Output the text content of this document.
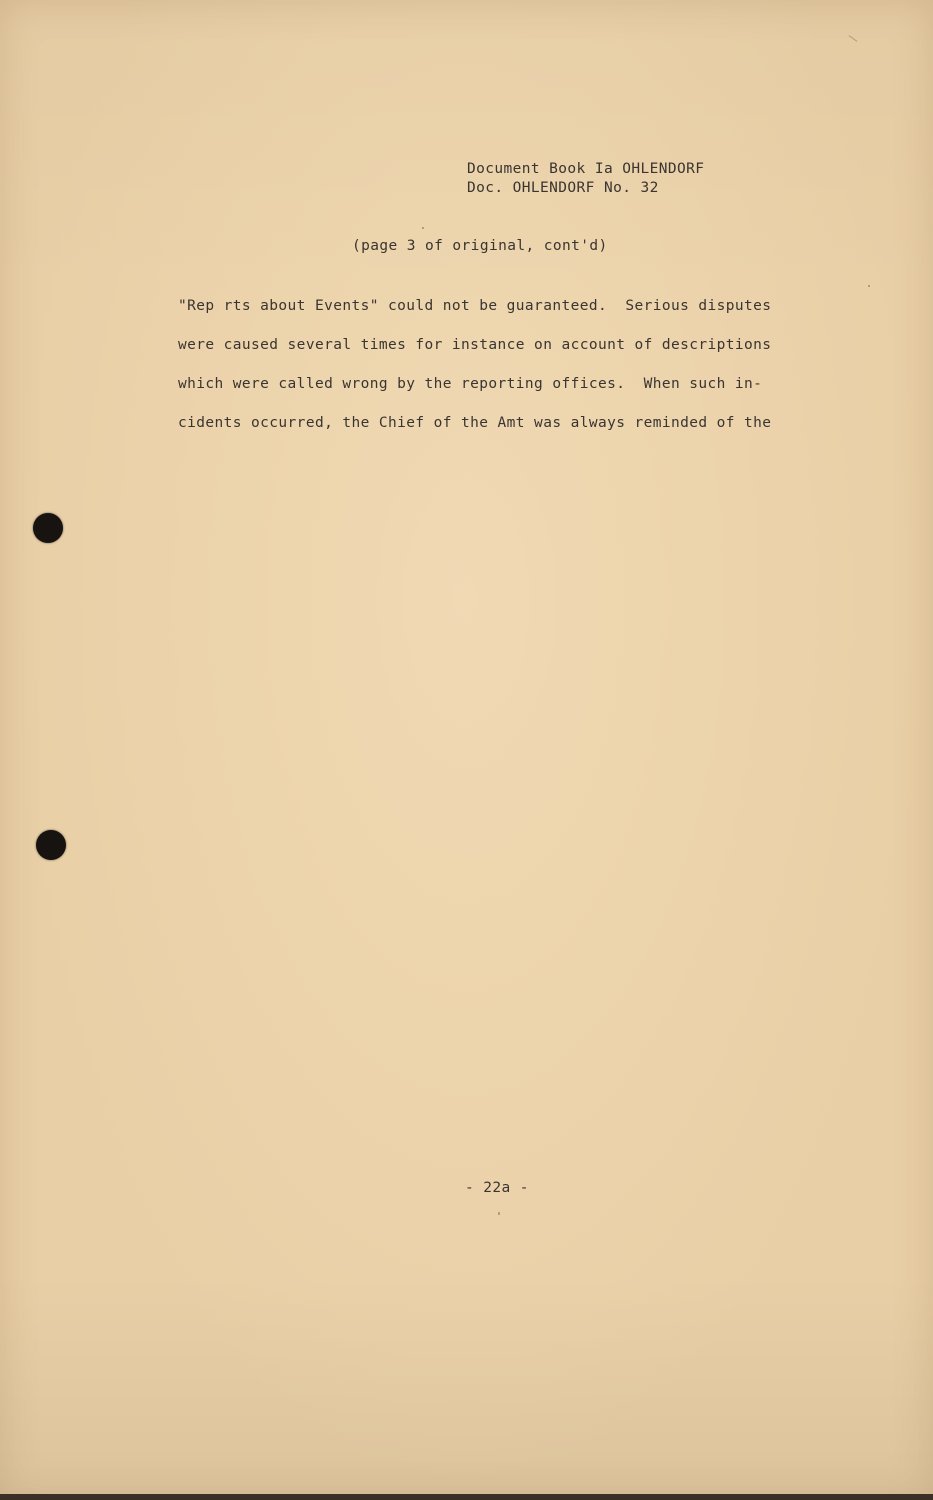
Document Book Ia OHLENDORF
Doc. OHLENDORF No. 32
(page 3 of original, cont'd)
"Rep rts about Events" could not be guaranteed.  Serious disputes
were caused several times for instance on account of descriptions
which were called wrong by the reporting offices.  When such in-
cidents occurred, the Chief of the Amt was always reminded of the
- 22a -
